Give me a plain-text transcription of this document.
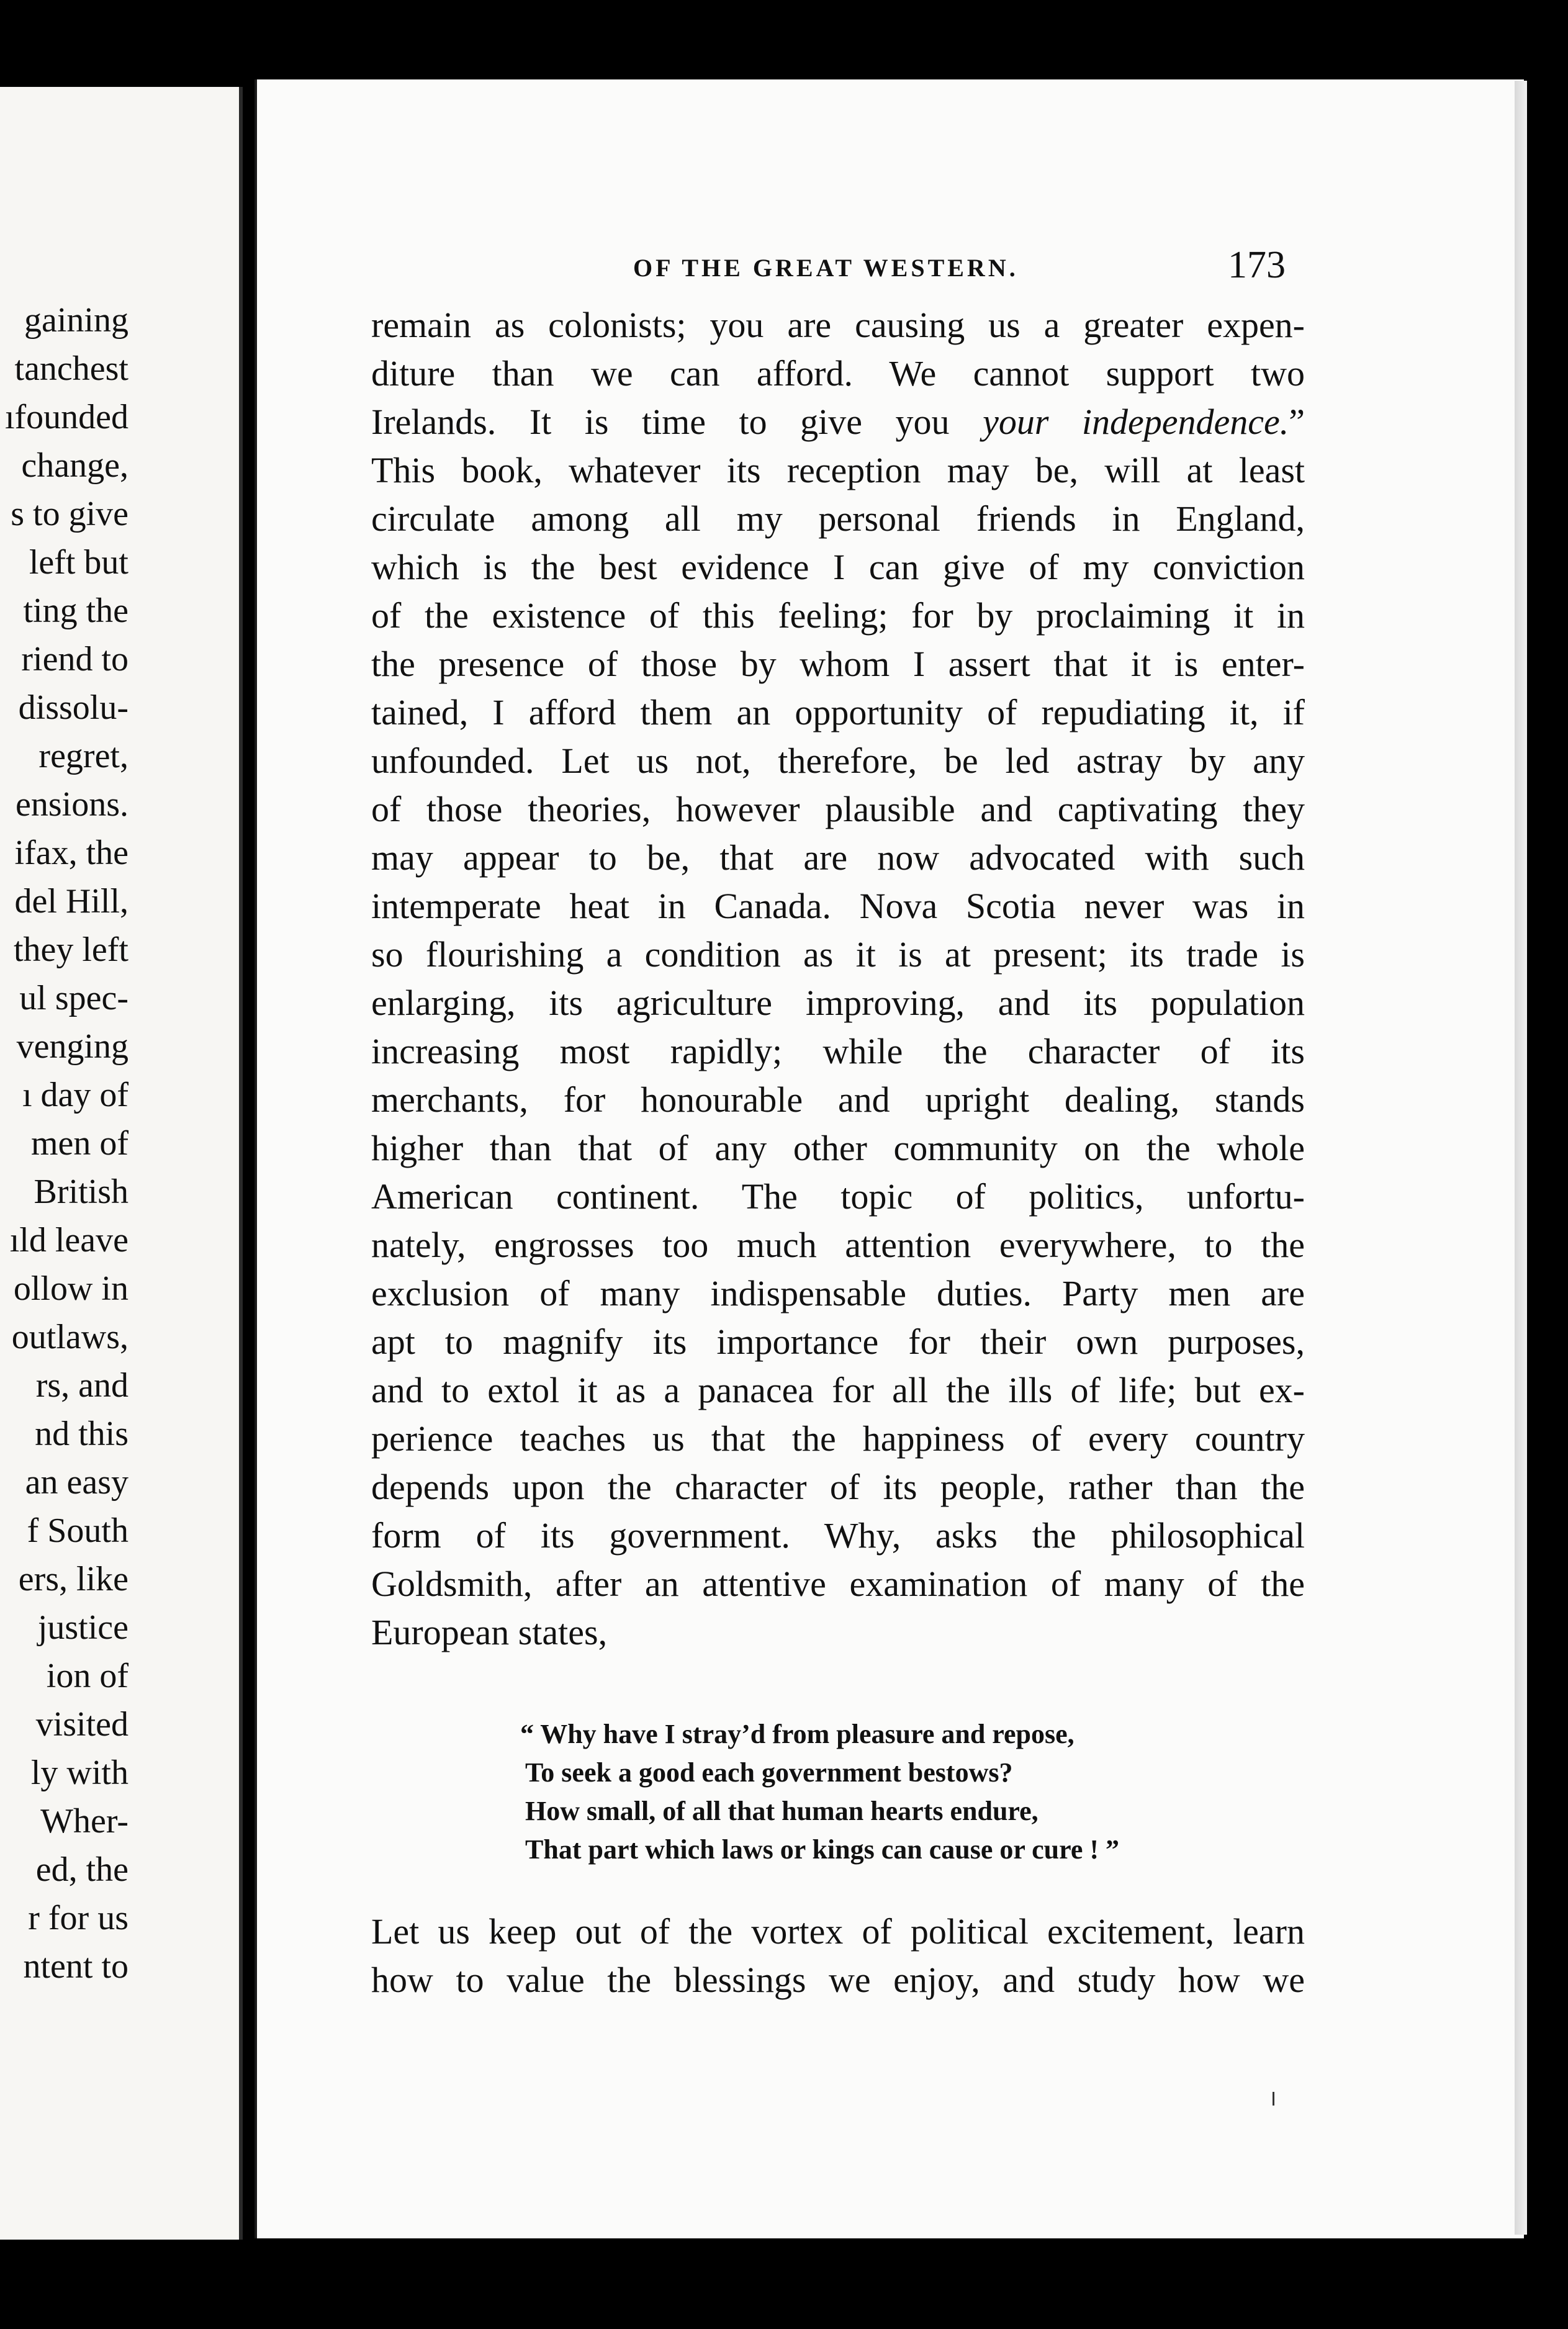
gaining
tanchest
ıfounded
change,
s to give
left but
ting the
riend to
dissolu-
regret,
ensions.
ifax, the
del Hill,
they left
ul spec-
venging
ı day of
men of
British
ıld leave
ollow in
outlaws,
rs, and
nd this
an easy
f South
ers, like
justice
ion of
visited
ly with
Wher-
ed, the
r for us
ntent to
OF THE GREAT WESTERN.	173
remain as colonists; you are causing us a greater expen-
diture than we can afford. We cannot support two
Irelands. It is time to give you your independence.”
This book, whatever its reception may be, will at least
circulate among all my personal friends in England,
which is the best evidence I can give of my conviction
of the existence of this feeling; for by proclaiming it in
the presence of those by whom I assert that it is enter-
tained, I afford them an opportunity of repudiating it, if
unfounded. Let us not, therefore, be led astray by any
of those theories, however plausible and captivating they
may appear to be, that are now advocated with such
intemperate heat in Canada. Nova Scotia never was in
so flourishing a condition as it is at present; its trade is
enlarging, its agriculture improving, and its population
increasing most rapidly; while the character of its
merchants, for honourable and upright dealing, stands
higher than that of any other community on the whole
American continent. The topic of politics, unfortu-
nately, engrosses too much attention everywhere, to the
exclusion of many indispensable duties. Party men are
apt to magnify its importance for their own purposes,
and to extol it as a panacea for all the ills of life; but ex-
perience teaches us that the happiness of every country
depends upon the character of its people, rather than the
form of its government. Why, asks the philosophical
Goldsmith, after an attentive examination of many of the
European states,
“ Why have I stray’d from pleasure and repose,
To seek a good each government bestows?
How small, of all that human hearts endure,
That part which laws or kings can cause or cure ! ”
Let us keep out of the vortex of political excitement, learn
how to value the blessings we enjoy, and study how we
